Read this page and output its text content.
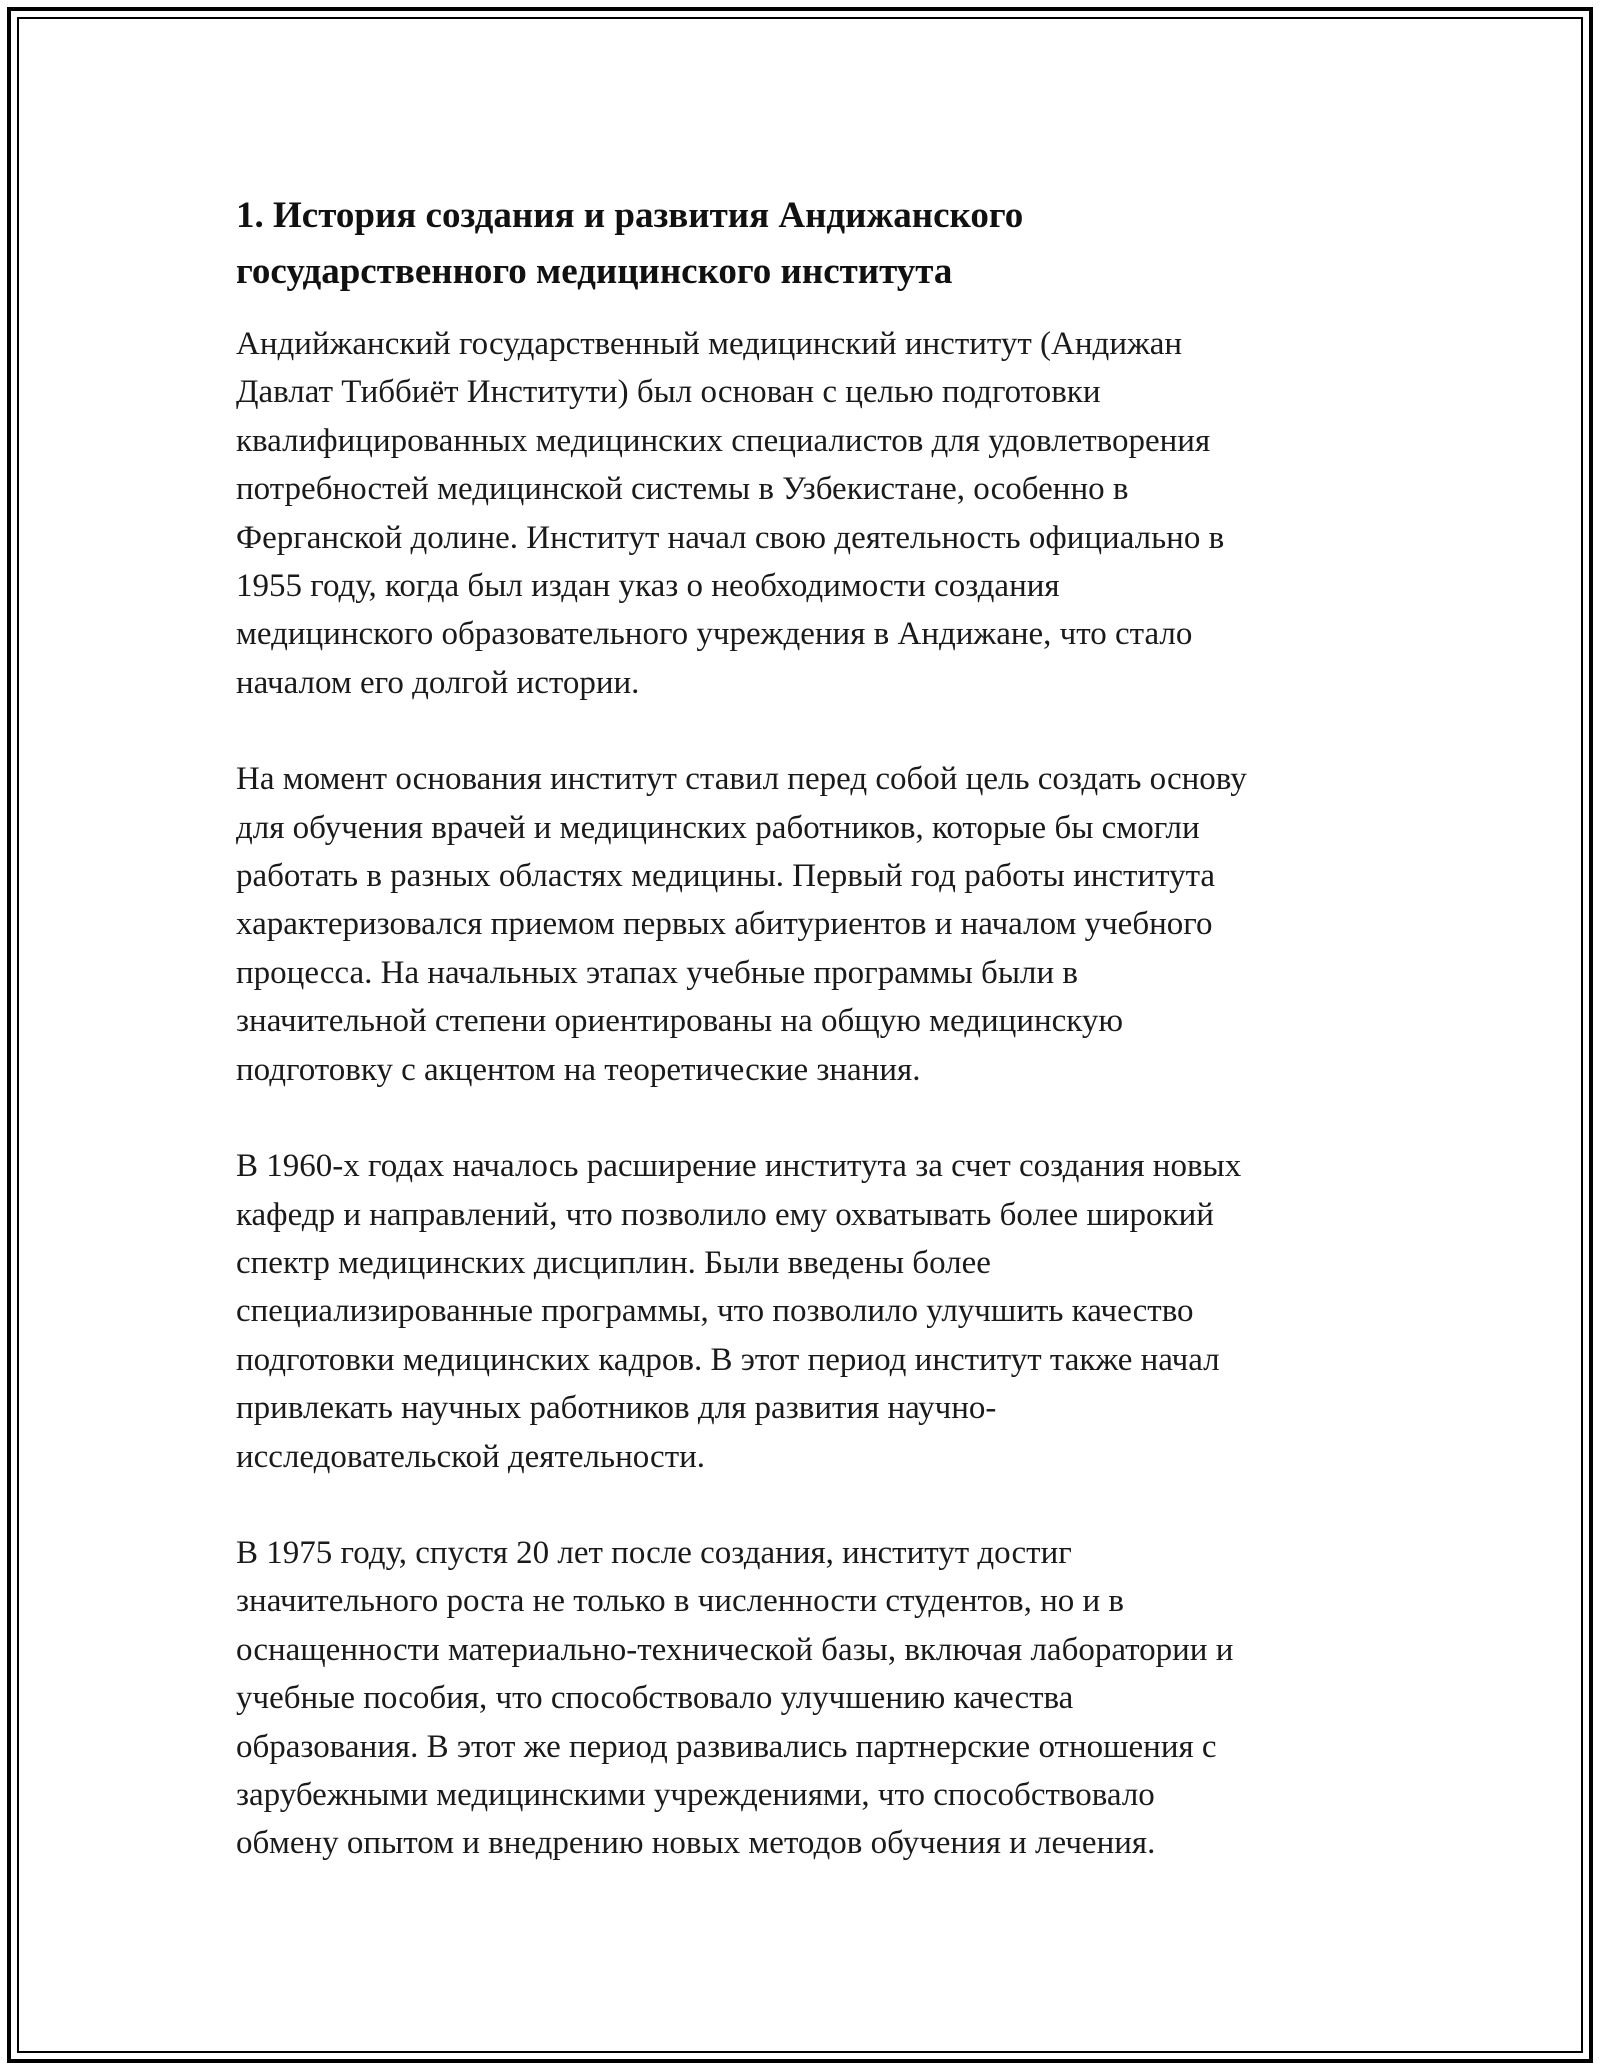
1. История создания и развития Андижанского
государственного медицинского института

Андийжанский государственный медицинский институт (Андижан
Давлат Тиббиёт Институти) был основан с целью подготовки
квалифицированных медицинских специалистов для удовлетворения
потребностей медицинской системы в Узбекистане, особенно в
Ферганской долине. Институт начал свою деятельность официально в
1955 году, когда был издан указ о необходимости создания
медицинского образовательного учреждения в Андижане, что стало
началом его долгой истории.

На момент основания институт ставил перед собой цель создать основу
для обучения врачей и медицинских работников, которые бы смогли
работать в разных областях медицины. Первый год работы института
характеризовался приемом первых абитуриентов и началом учебного
процесса. На начальных этапах учебные программы были в
значительной степени ориентированы на общую медицинскую
подготовку с акцентом на теоретические знания.

В 1960-х годах началось расширение института за счет создания новых
кафедр и направлений, что позволило ему охватывать более широкий
спектр медицинских дисциплин. Были введены более
специализированные программы, что позволило улучшить качество
подготовки медицинских кадров. В этот период институт также начал
привлекать научных работников для развития научно-
исследовательской деятельности.

В 1975 году, спустя 20 лет после создания, институт достиг
значительного роста не только в численности студентов, но и в
оснащенности материально-технической базы, включая лаборатории и
учебные пособия, что способствовало улучшению качества
образования. В этот же период развивались партнерские отношения с
зарубежными медицинскими учреждениями, что способствовало
обмену опытом и внедрению новых методов обучения и лечения.
